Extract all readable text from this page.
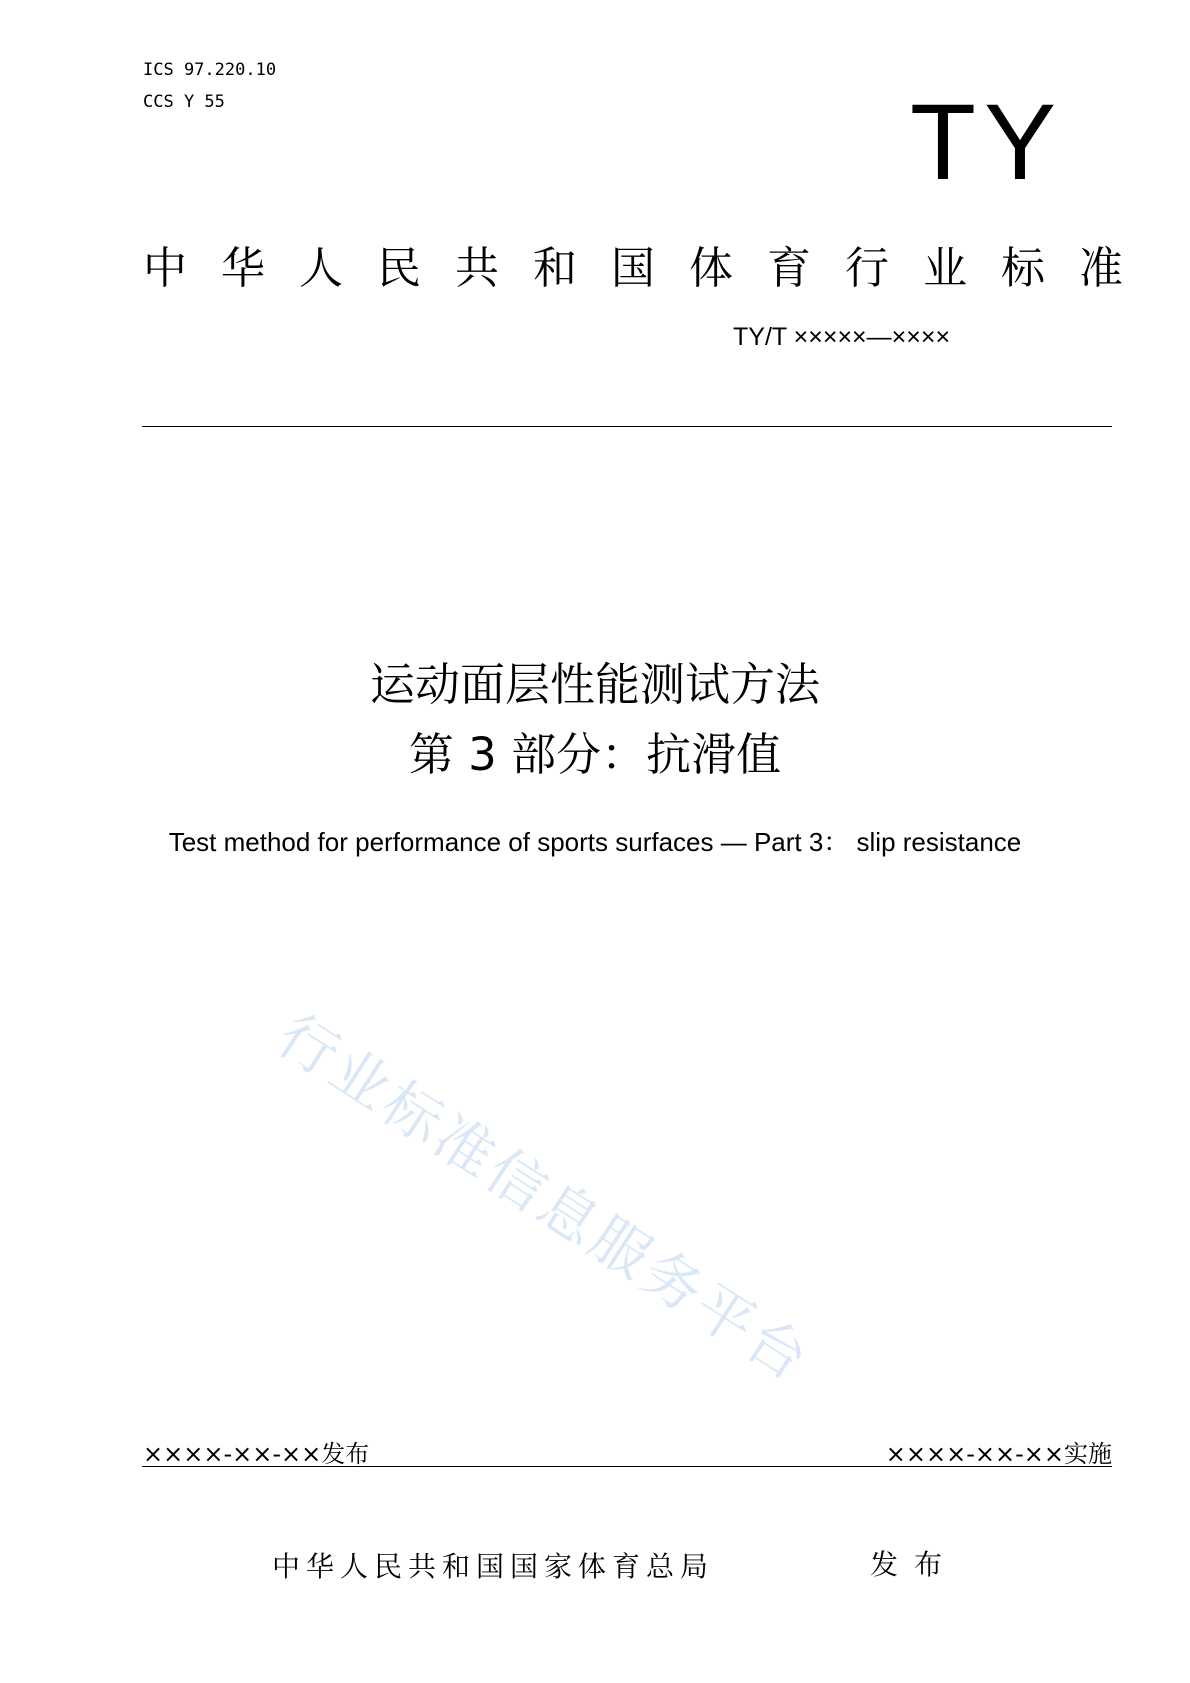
ICS 97.220.10
CCS Y 55	TY
中华人民共和国体育行业标准
TY/T ×××××—××××
运动面层性能测试方法
第 3 部分：抗滑值
Test method for performance of sports surfaces — Part 3： slip resistance
行业标准信息服务平台
××××-××-××发布	××××-××-××实施
中华人民共和国国家体育总局	发布
